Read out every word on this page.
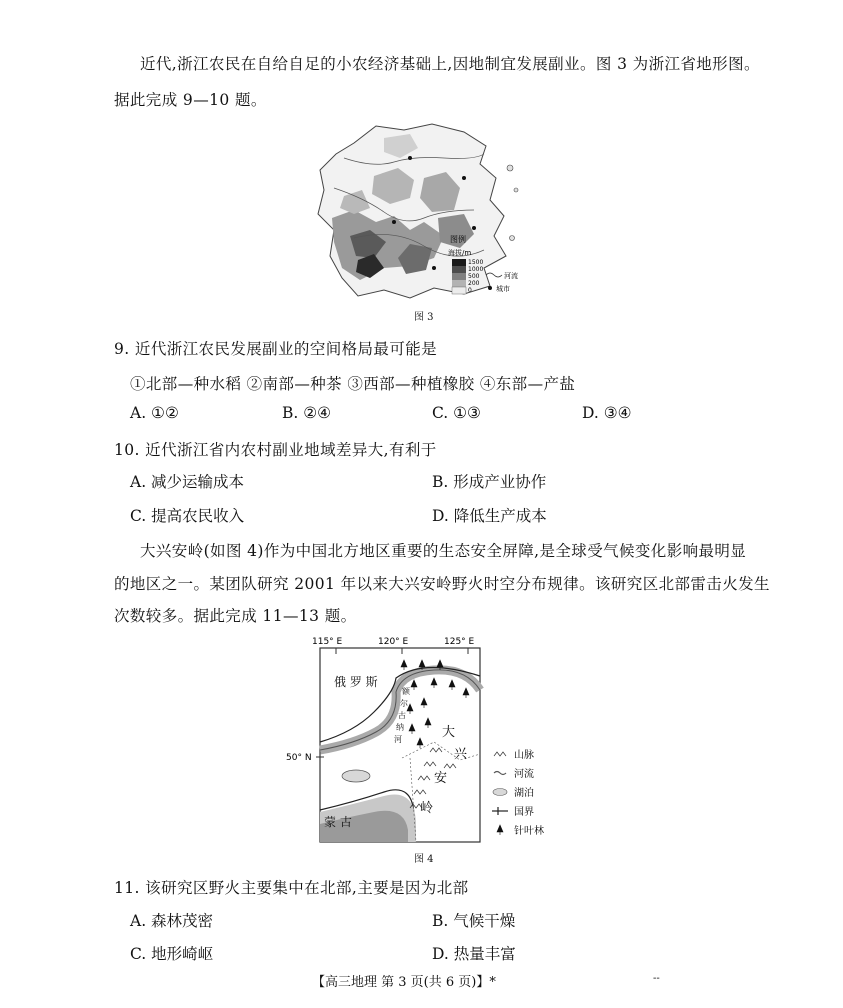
近代,浙江农民在自给自足的小农经济基础上,因地制宜发展副业。图 3 为浙江省地形图。
据此完成 9—10 题。
图例
海拔/m
1500
1000
500
200
0
河流
城市
图 3
9. 近代浙江农民发展副业的空间格局最可能是
①北部—种水稻 ②南部—种茶 ③西部—种植橡胶 ④东部—产盐
A. ①②	B. ②④	C. ①③	D. ③④
10. 近代浙江省内农村副业地域差异大,有利于
A. 减少运输成本	B. 形成产业协作
C. 提高农民收入	D. 降低生产成本
大兴安岭(如图 4)作为中国北方地区重要的生态安全屏障,是全球受气候变化影响最明显
的地区之一。某团队研究 2001 年以来大兴安岭野火时空分布规律。该研究区北部雷击火发生
次数较多。据此完成 11—13 题。
115° E	120° E	125° E
50° N
俄 罗 斯
蒙 古
大
兴
安
岭
额
尔
古
纳
河
山脉
河流
湖泊
国界
针叶林
图 4
11. 该研究区野火主要集中在北部,主要是因为北部
A. 森林茂密	B. 气候干燥
C. 地形崎岖	D. 热量丰富
【高三地理 第 3 页(共 6 页)】*	--
